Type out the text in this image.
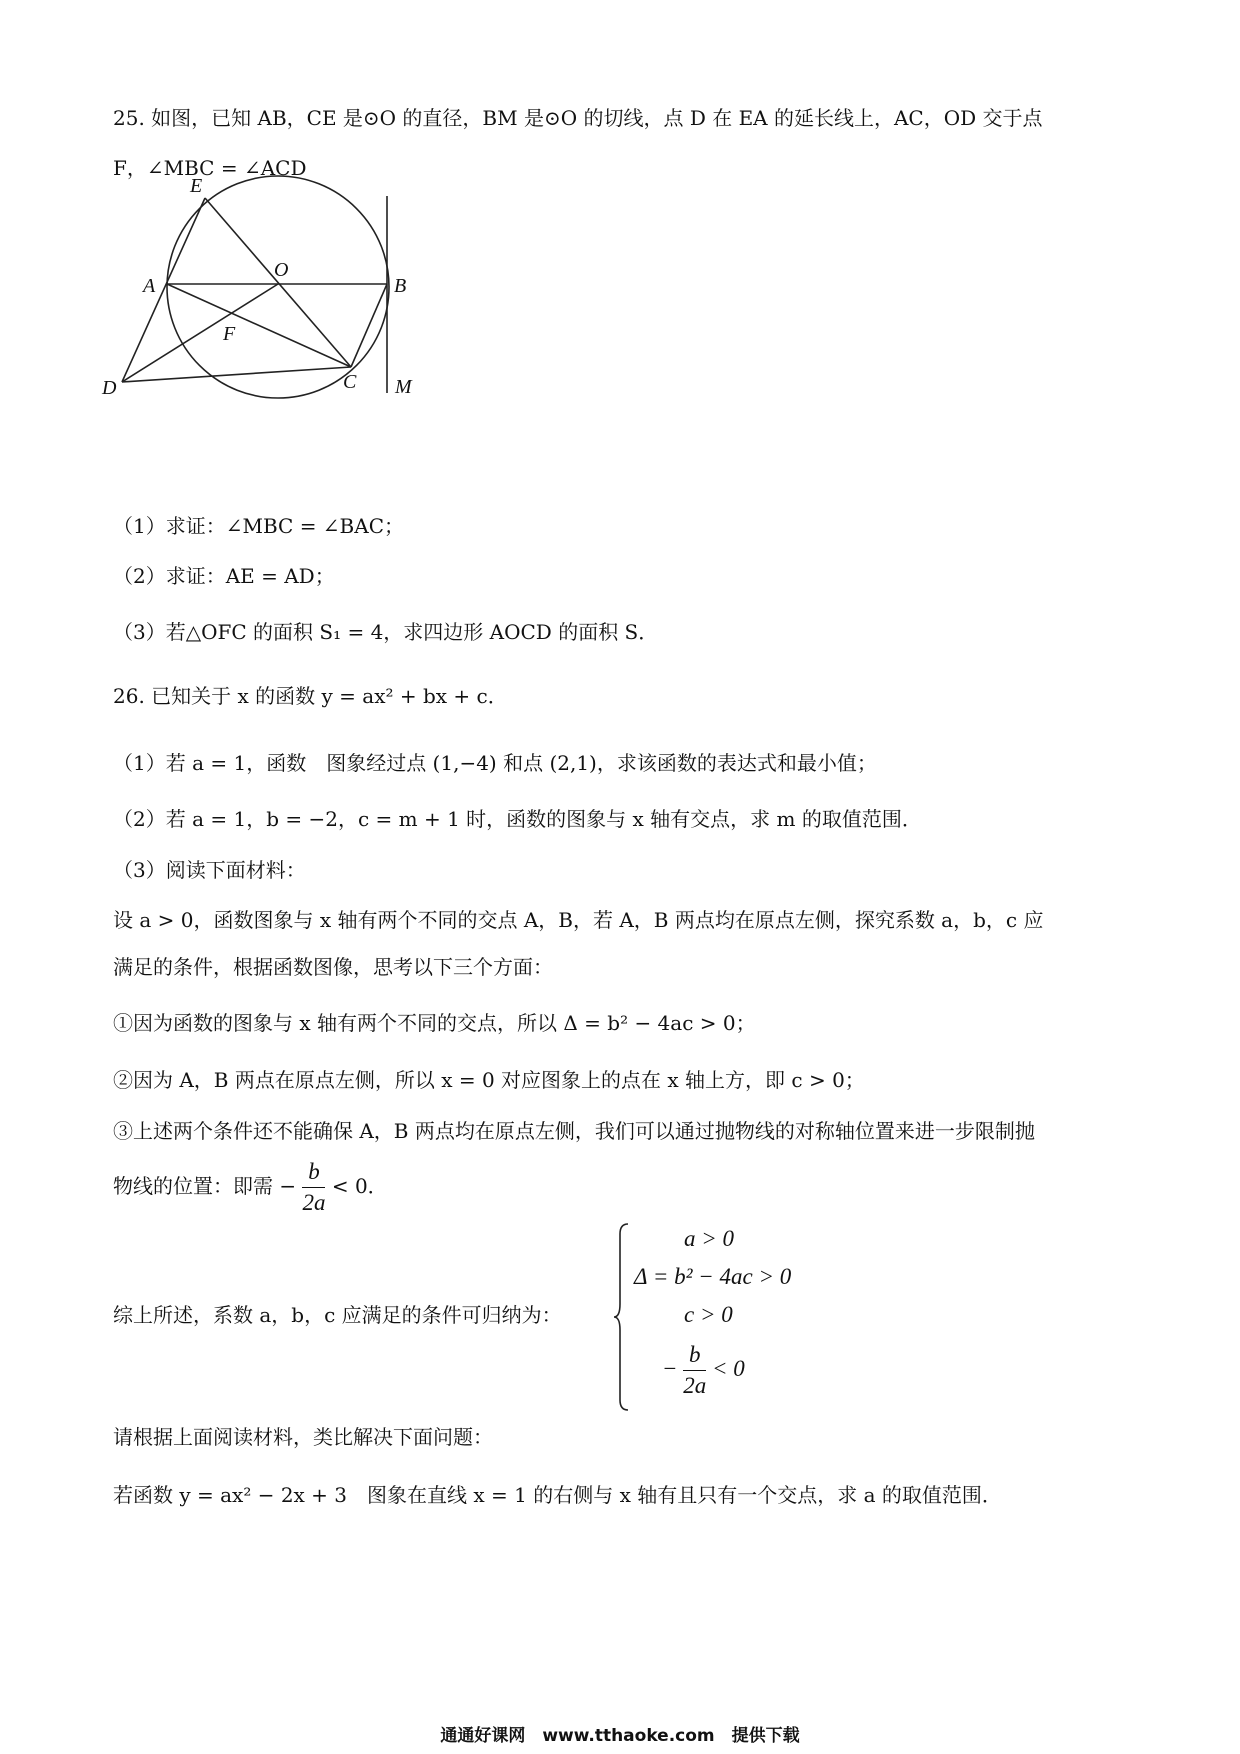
25. 如图，已知 AB，CE 是⊙O 的直径，BM 是⊙O 的切线，点 D 在 EA 的延长线上，AC，OD 交于点
F，∠MBC = ∠ACD
E
O
A	B
F
D	C M
（1）求证：∠MBC = ∠BAC；
（2）求证：AE = AD；
（3）若△OFC 的面积 S₁ = 4，求四边形 AOCD 的面积 S．
26. 已知关于 x 的函数 y = ax² + bx + c．
（1）若 a = 1，函数　图象经过点 (1,−4) 和点 (2,1)，求该函数的表达式和最小值；
（2）若 a = 1，b = −2，c = m + 1 时，函数的图象与 x 轴有交点，求 m 的取值范围．
（3）阅读下面材料：
设 a > 0，函数图象与 x 轴有两个不同的交点 A，B，若 A，B 两点均在原点左侧，探究系数 a，b，c 应
满足的条件，根据函数图像，思考以下三个方面：
①因为函数的图象与 x 轴有两个不同的交点，所以 Δ = b² − 4ac > 0；
②因为 A，B 两点在原点左侧，所以 x = 0 对应图象上的点在 x 轴上方，即 c > 0；
③上述两个条件还不能确保 A，B 两点均在原点左侧，我们可以通过抛物线的对称轴位置来进一步限制抛
物线的位置：即需 − $\frac{b}{2a} < 0$．
综上所述，系数 a，b，c 应满足的条件可归纳为：
a > 0
Δ = b² − 4ac > 0
c > 0
− $\frac{b}{2a} < 0$
请根据上面阅读材料，类比解决下面问题：
若函数 y = ax² − 2x + 3　图象在直线 x = 1 的右侧与 x 轴有且只有一个交点，求 a 的取值范围．
通通好课网　www.tthaoke.com　提供下载
